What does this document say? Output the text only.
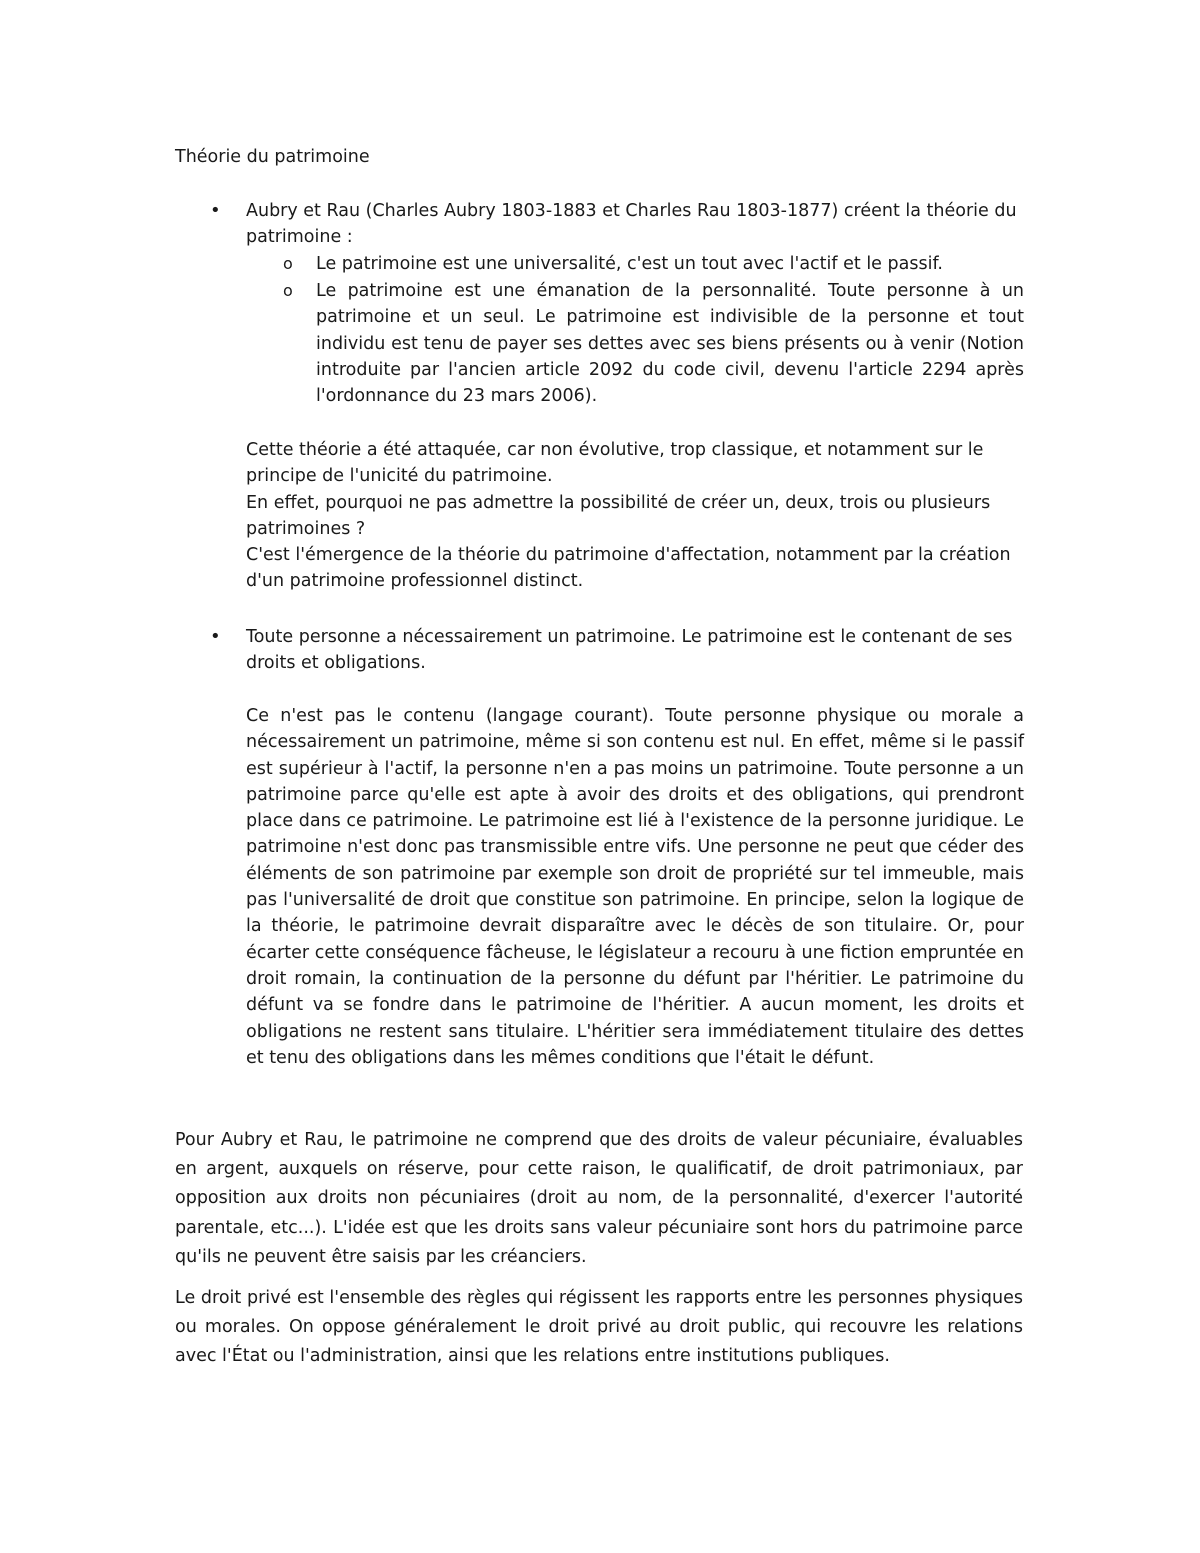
Théorie du patrimoine
• Aubry et Rau (Charles Aubry 1803-1883 et Charles Rau 1803-1877) créent la théorie du patrimoine :
o Le patrimoine est une universalité, c'est un tout avec l'actif et le passif.
o Le patrimoine est une émanation de la personnalité. Toute personne à un patrimoine et un seul. Le patrimoine est indivisible de la personne et tout individu est tenu de payer ses dettes avec ses biens présents ou à venir (Notion introduite par l'ancien article 2092 du code civil, devenu l'article 2294 après l'ordonnance du 23 mars 2006).

Cette théorie a été attaquée, car non évolutive, trop classique, et notamment sur le principe de l'unicité du patrimoine.

En effet, pourquoi ne pas admettre la possibilité de créer un, deux, trois ou plusieurs patrimoines ?

C'est l'émergence de la théorie du patrimoine d'affectation, notamment par la création d'un patrimoine professionnel distinct.

• Toute personne a nécessairement un patrimoine. Le patrimoine est le contenant de ses droits et obligations.
Ce n'est pas le contenu (langage courant). Toute personne physique ou morale a nécessairement un patrimoine, même si son contenu est nul. En effet, même si le passif est supérieur à l'actif, la personne n'en a pas moins un patrimoine. Toute personne a un patrimoine parce qu'elle est apte à avoir des droits et des obligations, qui prendront place dans ce patrimoine. Le patrimoine est lié à l'existence de la personne juridique. Le patrimoine n'est donc pas transmissible entre vifs. Une personne ne peut que céder des éléments de son patrimoine par exemple son droit de propriété sur tel immeuble, mais pas l'universalité de droit que constitue son patrimoine. En principe, selon la logique de la théorie, le patrimoine devrait disparaître avec le décès de son titulaire. Or, pour écarter cette conséquence fâcheuse, le législateur a recouru à une fiction empruntée en droit romain, la continuation de la personne du défunt par l'héritier. Le patrimoine du défunt va se fondre dans le patrimoine de l'héritier. A aucun moment, les droits et obligations ne restent sans titulaire. L'héritier sera immédiatement titulaire des dettes et tenu des obligations dans les mêmes conditions que l'était le défunt.
Pour Aubry et Rau, le patrimoine ne comprend que des droits de valeur pécuniaire, évaluables en argent, auxquels on réserve, pour cette raison, le qualificatif, de droit patrimoniaux, par opposition aux droits non pécuniaires (droit au nom, de la personnalité, d'exercer l'autorité parentale, etc...). L'idée est que les droits sans valeur pécuniaire sont hors du patrimoine parce qu'ils ne peuvent être saisis par les créanciers.
Le droit privé est l'ensemble des règles qui régissent les rapports entre les personnes physiques ou morales. On oppose généralement le droit privé au droit public, qui recouvre les relations avec l'État ou l'administration, ainsi que les relations entre institutions publiques.
